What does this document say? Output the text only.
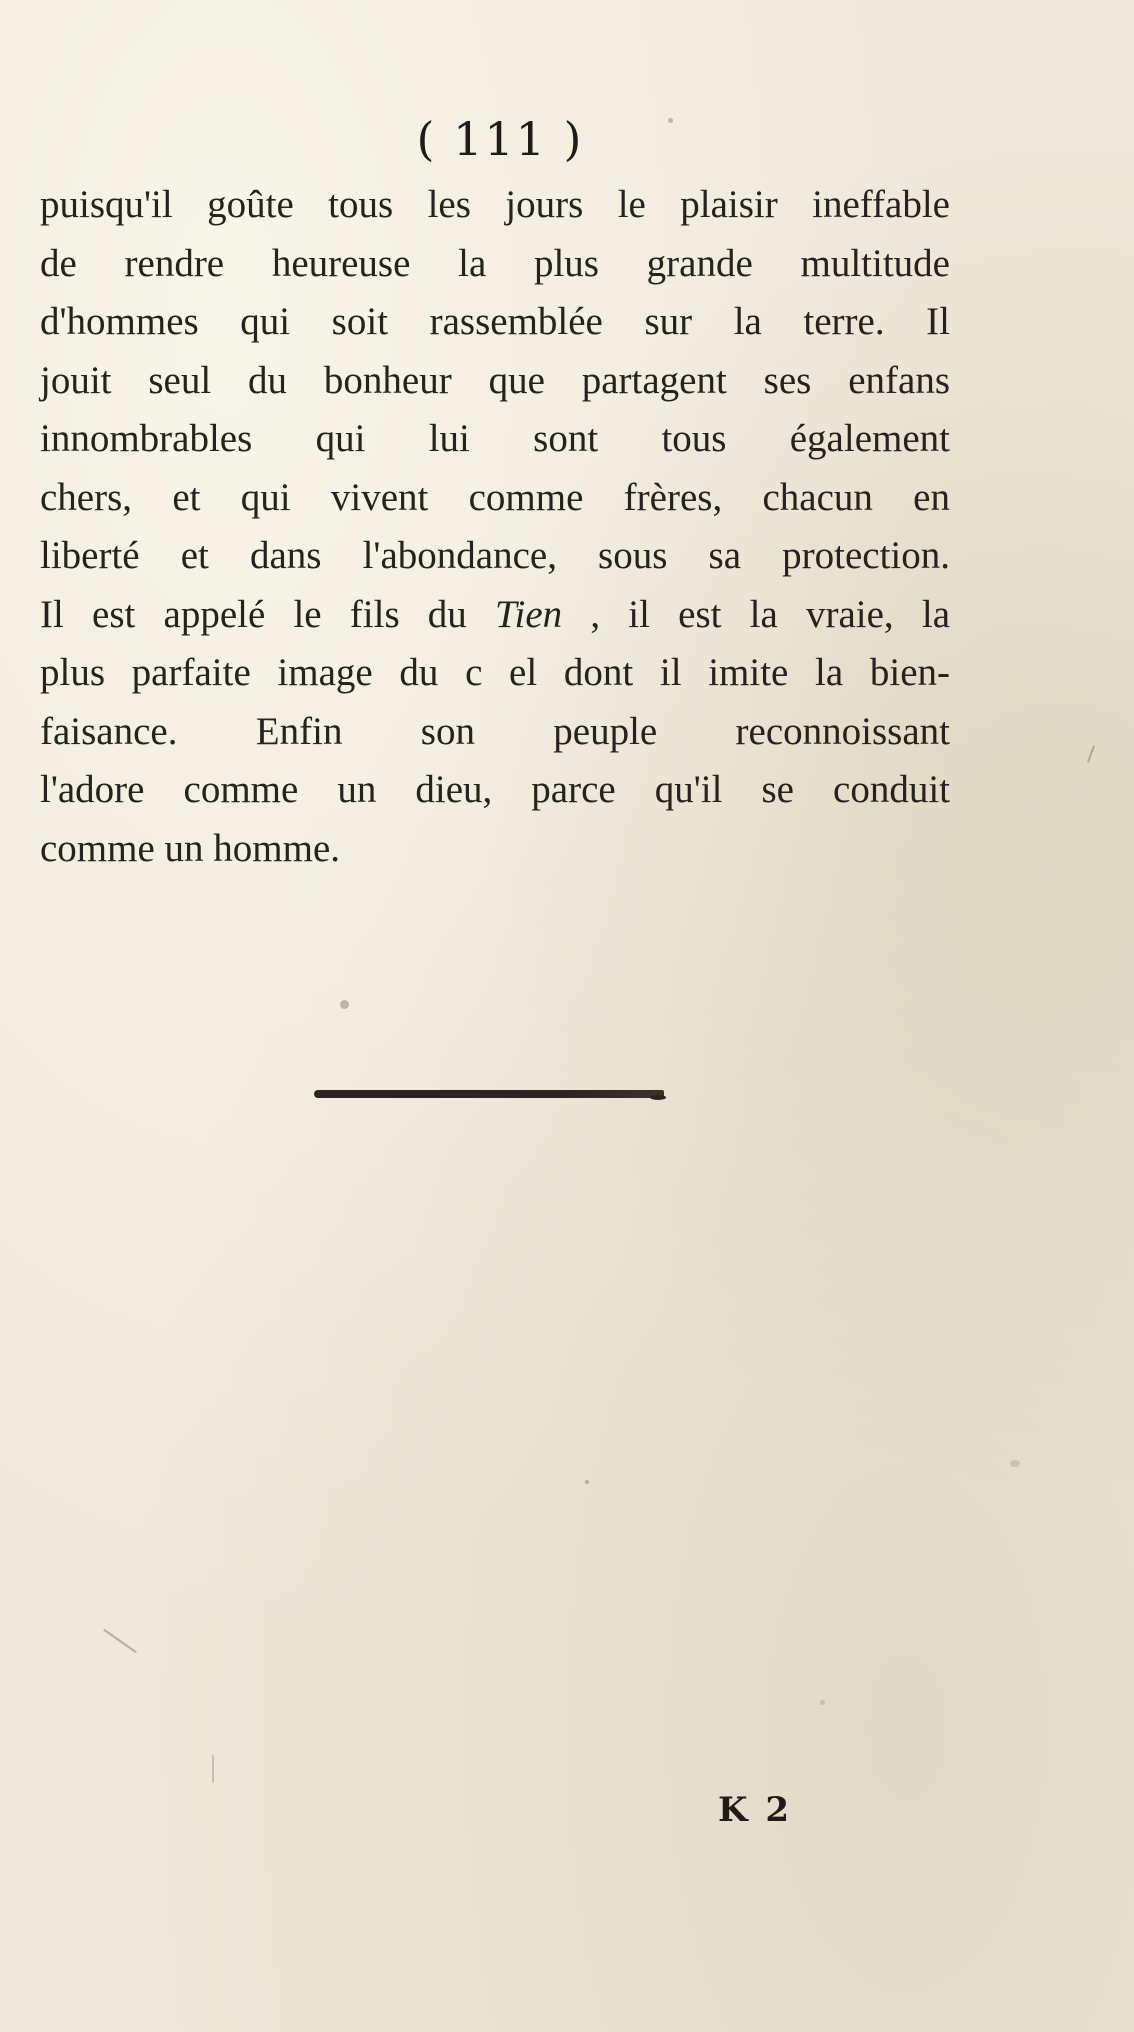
( 111 )
puisqu'il goûte tous les jours le plaisir ineffable
de rendre heureuse la plus grande multitude
d'hommes qui soit rassemblée sur la terre. Il
jouit seul du bonheur que partagent ses enfans
innombrables qui lui sont tous également
chers, et qui vivent comme frères, chacun en
liberté et dans l'abondance, sous sa protection.
Il est appelé le fils du Tien , il est la vraie, la
plus parfaite image du c el dont il imite la bien-
faisance. Enfin son peuple reconnoissant
l'adore comme un dieu, parce qu'il se conduit
comme un homme.
K 2
